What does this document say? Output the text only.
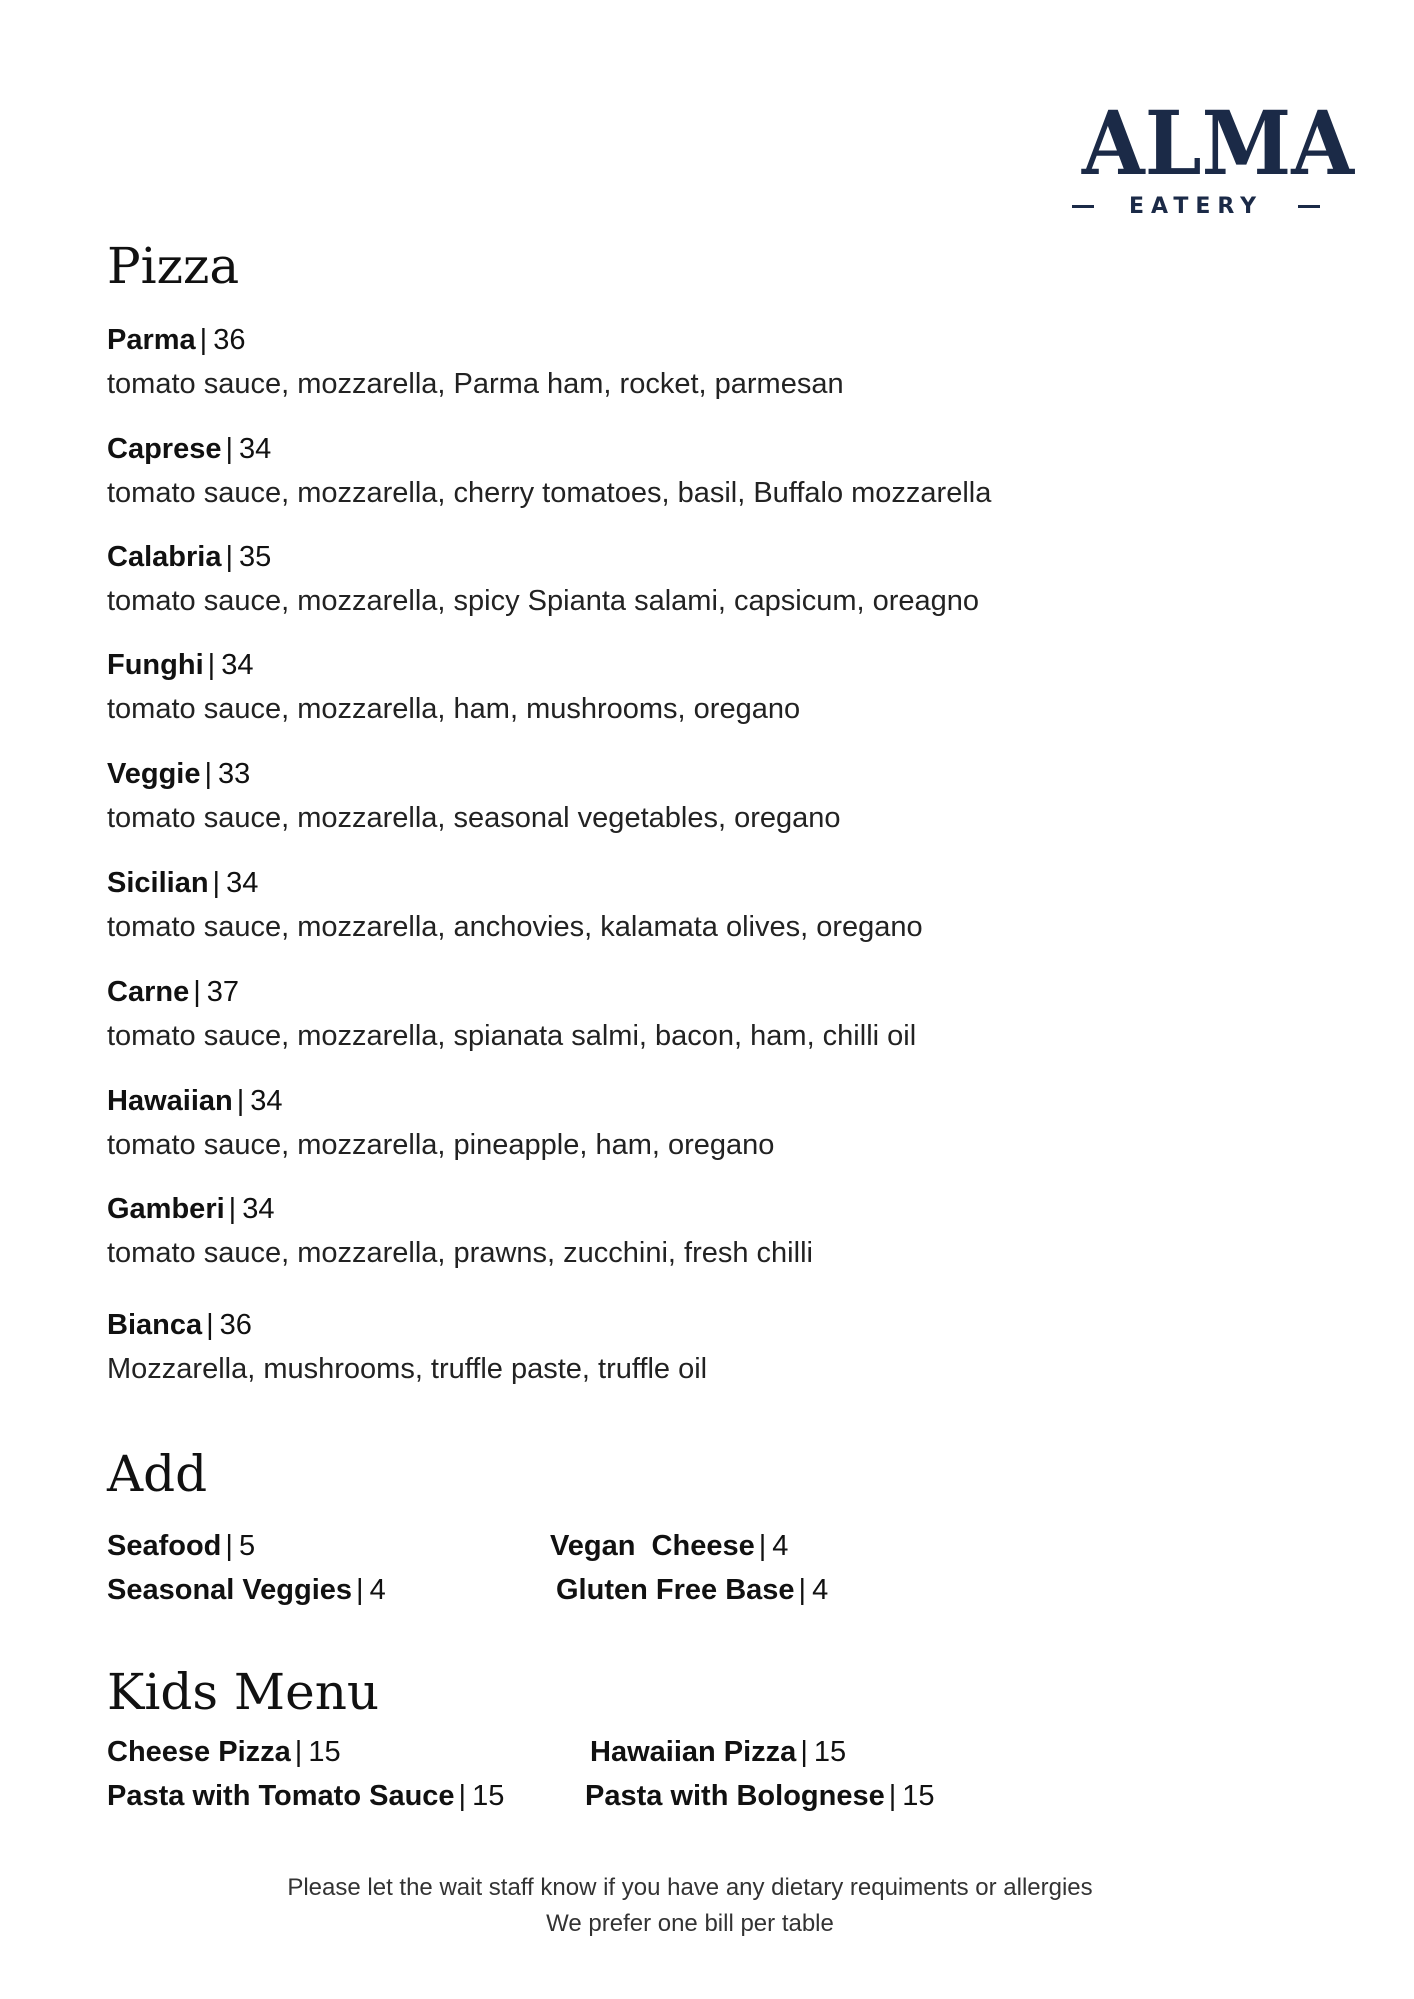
ALMA
EATERY
Pizza
Parma | 36
tomato sauce, mozzarella, Parma ham, rocket, parmesan
Caprese | 34
tomato sauce, mozzarella, cherry tomatoes, basil, Buffalo mozzarella
Calabria | 35
tomato sauce, mozzarella, spicy Spianta salami, capsicum, oreagno
Funghi | 34
tomato sauce, mozzarella, ham, mushrooms, oregano
Veggie | 33
tomato sauce, mozzarella, seasonal vegetables, oregano
Sicilian | 34
tomato sauce, mozzarella, anchovies, kalamata olives, oregano
Carne | 37
tomato sauce, mozzarella, spianata salmi, bacon, ham, chilli oil
Hawaiian | 34
tomato sauce, mozzarella, pineapple, ham, oregano
Gamberi | 34
tomato sauce, mozzarella, prawns, zucchini, fresh chilli
Bianca | 36
Mozzarella, mushrooms, truffle paste, truffle oil
Add
Seafood | 5	Vegan  Cheese | 4
Seasonal Veggies | 4	Gluten Free Base | 4
Kids Menu
Cheese Pizza | 15	Hawaiian Pizza | 15
Pasta with Tomato Sauce | 15	Pasta with Bolognese | 15
Please let the wait staff know if you have any dietary requiments or allergies
We prefer one bill per table
